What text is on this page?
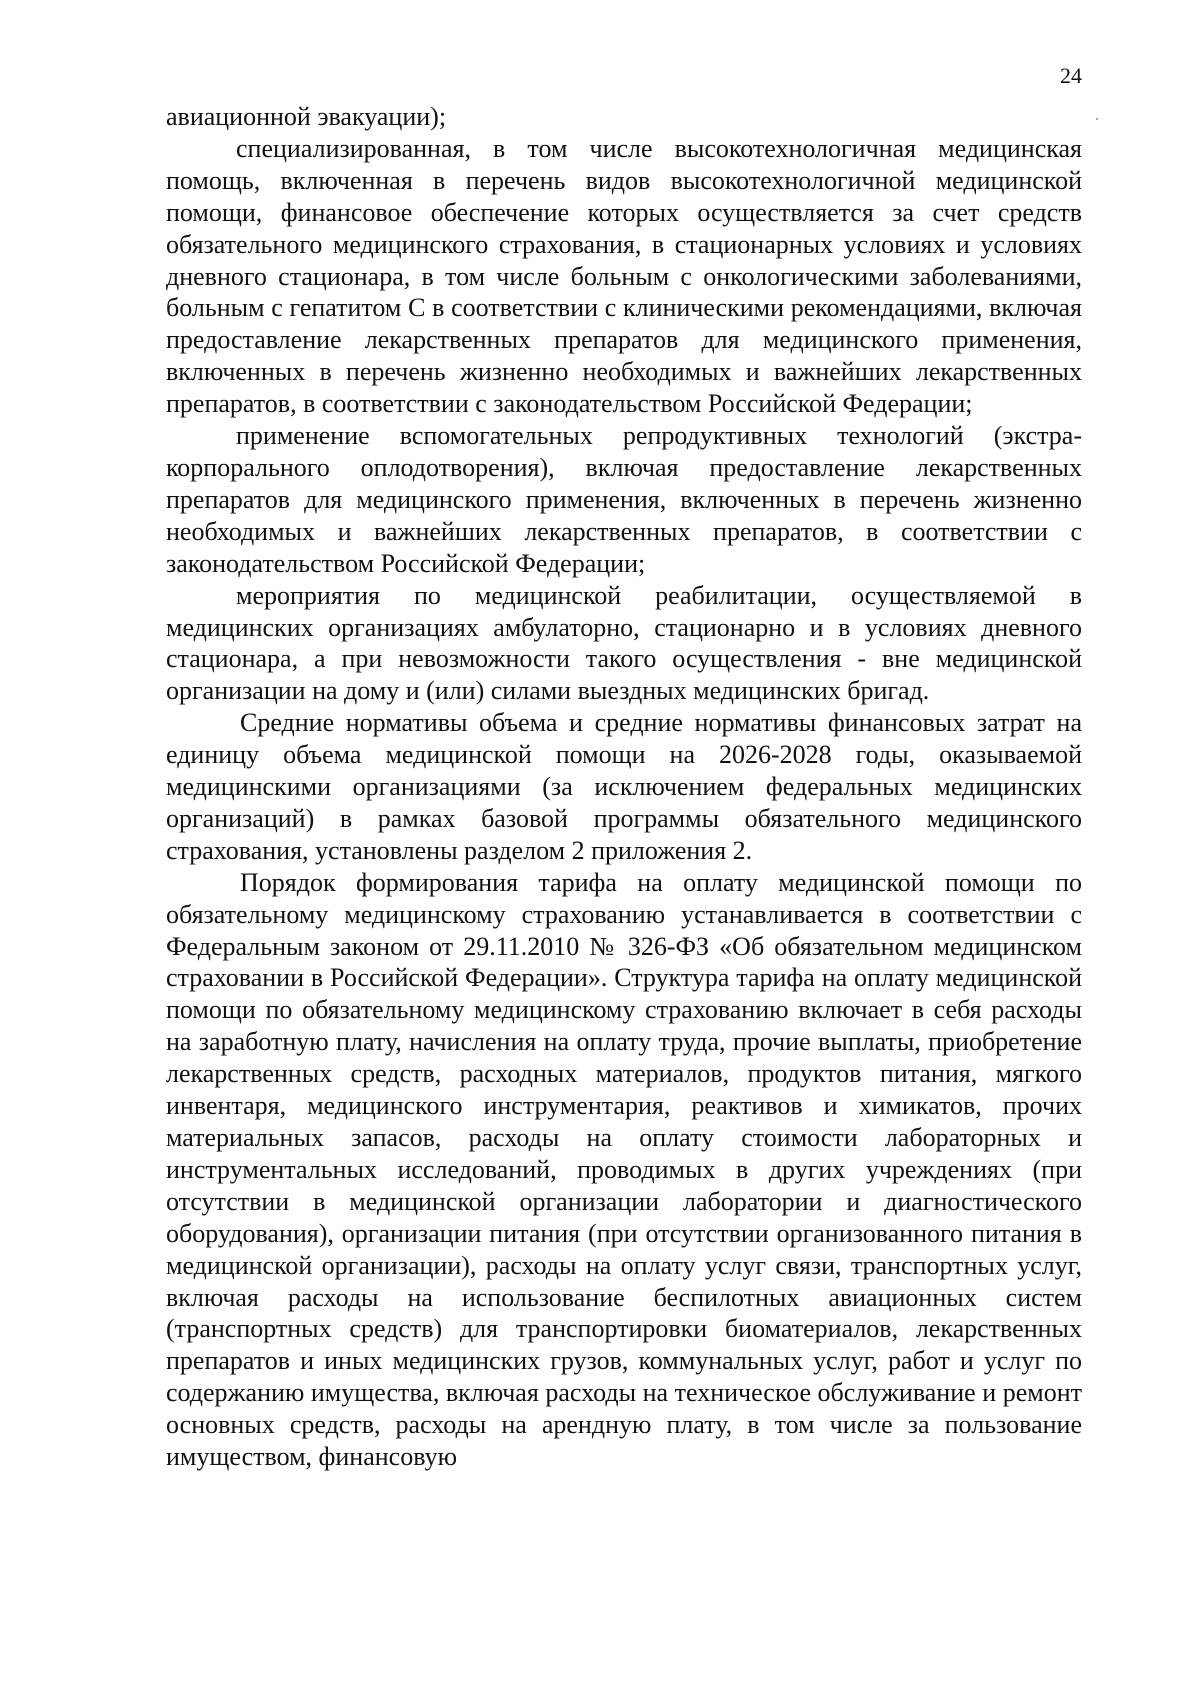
24

авиационной эвакуации);

специализированная, в том числе высокотехнологичная медицинская помощь, включенная в перечень видов высокотехнологичной медицинской помощи, финансовое обеспечение которых осуществляется за счет средств обязательного медицинского страхования, в стационарных условиях и условиях дневного стационара, в том числе больным с онкологическими заболеваниями, больным с гепатитом С в соответствии с клиническими рекомендациями, включая предоставление лекарственных препаратов для медицинского применения, включенных в перечень жизненно необходимых и важнейших лекарственных препаратов, в соответствии с законодательством Российской Федерации;

применение вспомогательных репродуктивных технологий (экстра-корпорального оплодотворения), включая предоставление лекарственных препаратов для медицинского применения, включенных в перечень жизненно необходимых и важнейших лекарственных препаратов, в соответствии с законодательством Российской Федерации;

мероприятия по медицинской реабилитации, осуществляемой в медицинских организациях амбулаторно, стационарно и в условиях дневного стационара, а при невозможности такого осуществления - вне медицинской организации на дому и (или) силами выездных медицинских бригад.

Средние нормативы объема и средние нормативы финансовых затрат на единицу объема медицинской помощи на 2026-2028 годы, оказываемой медицинскими организациями (за исключением федеральных медицинских организаций) в рамках базовой программы обязательного медицинского страхования, установлены разделом 2 приложения 2.

Порядок формирования тарифа на оплату медицинской помощи по обязательному медицинскому страхованию устанавливается в соответствии с Федеральным законом от 29.11.2010 № 326-ФЗ «Об обязательном медицинском страховании в Российской Федерации». Структура тарифа на оплату медицинской помощи по обязательному медицинскому страхованию включает в себя расходы на заработную плату, начисления на оплату труда, прочие выплаты, приобретение лекарственных средств, расходных материалов, продуктов питания, мягкого инвентаря, медицинского инструментария, реактивов и химикатов, прочих материальных запасов, расходы на оплату стоимости лабораторных и инструментальных исследований, проводимых в других учреждениях (при отсутствии в медицинской организации лаборатории и диагностического оборудования), организации питания (при отсутствии организованного питания в медицинской организации), расходы на оплату услуг связи, транспортных услуг, включая расходы на использование беспилотных авиационных систем (транспортных средств) для транспортировки биоматериалов, лекарственных препаратов и иных медицинских грузов, коммунальных услуг, работ и услуг по содержанию имущества, включая расходы на техническое обслуживание и ремонт основных средств, расходы на арендную плату, в том числе за пользование имуществом, финансовую
